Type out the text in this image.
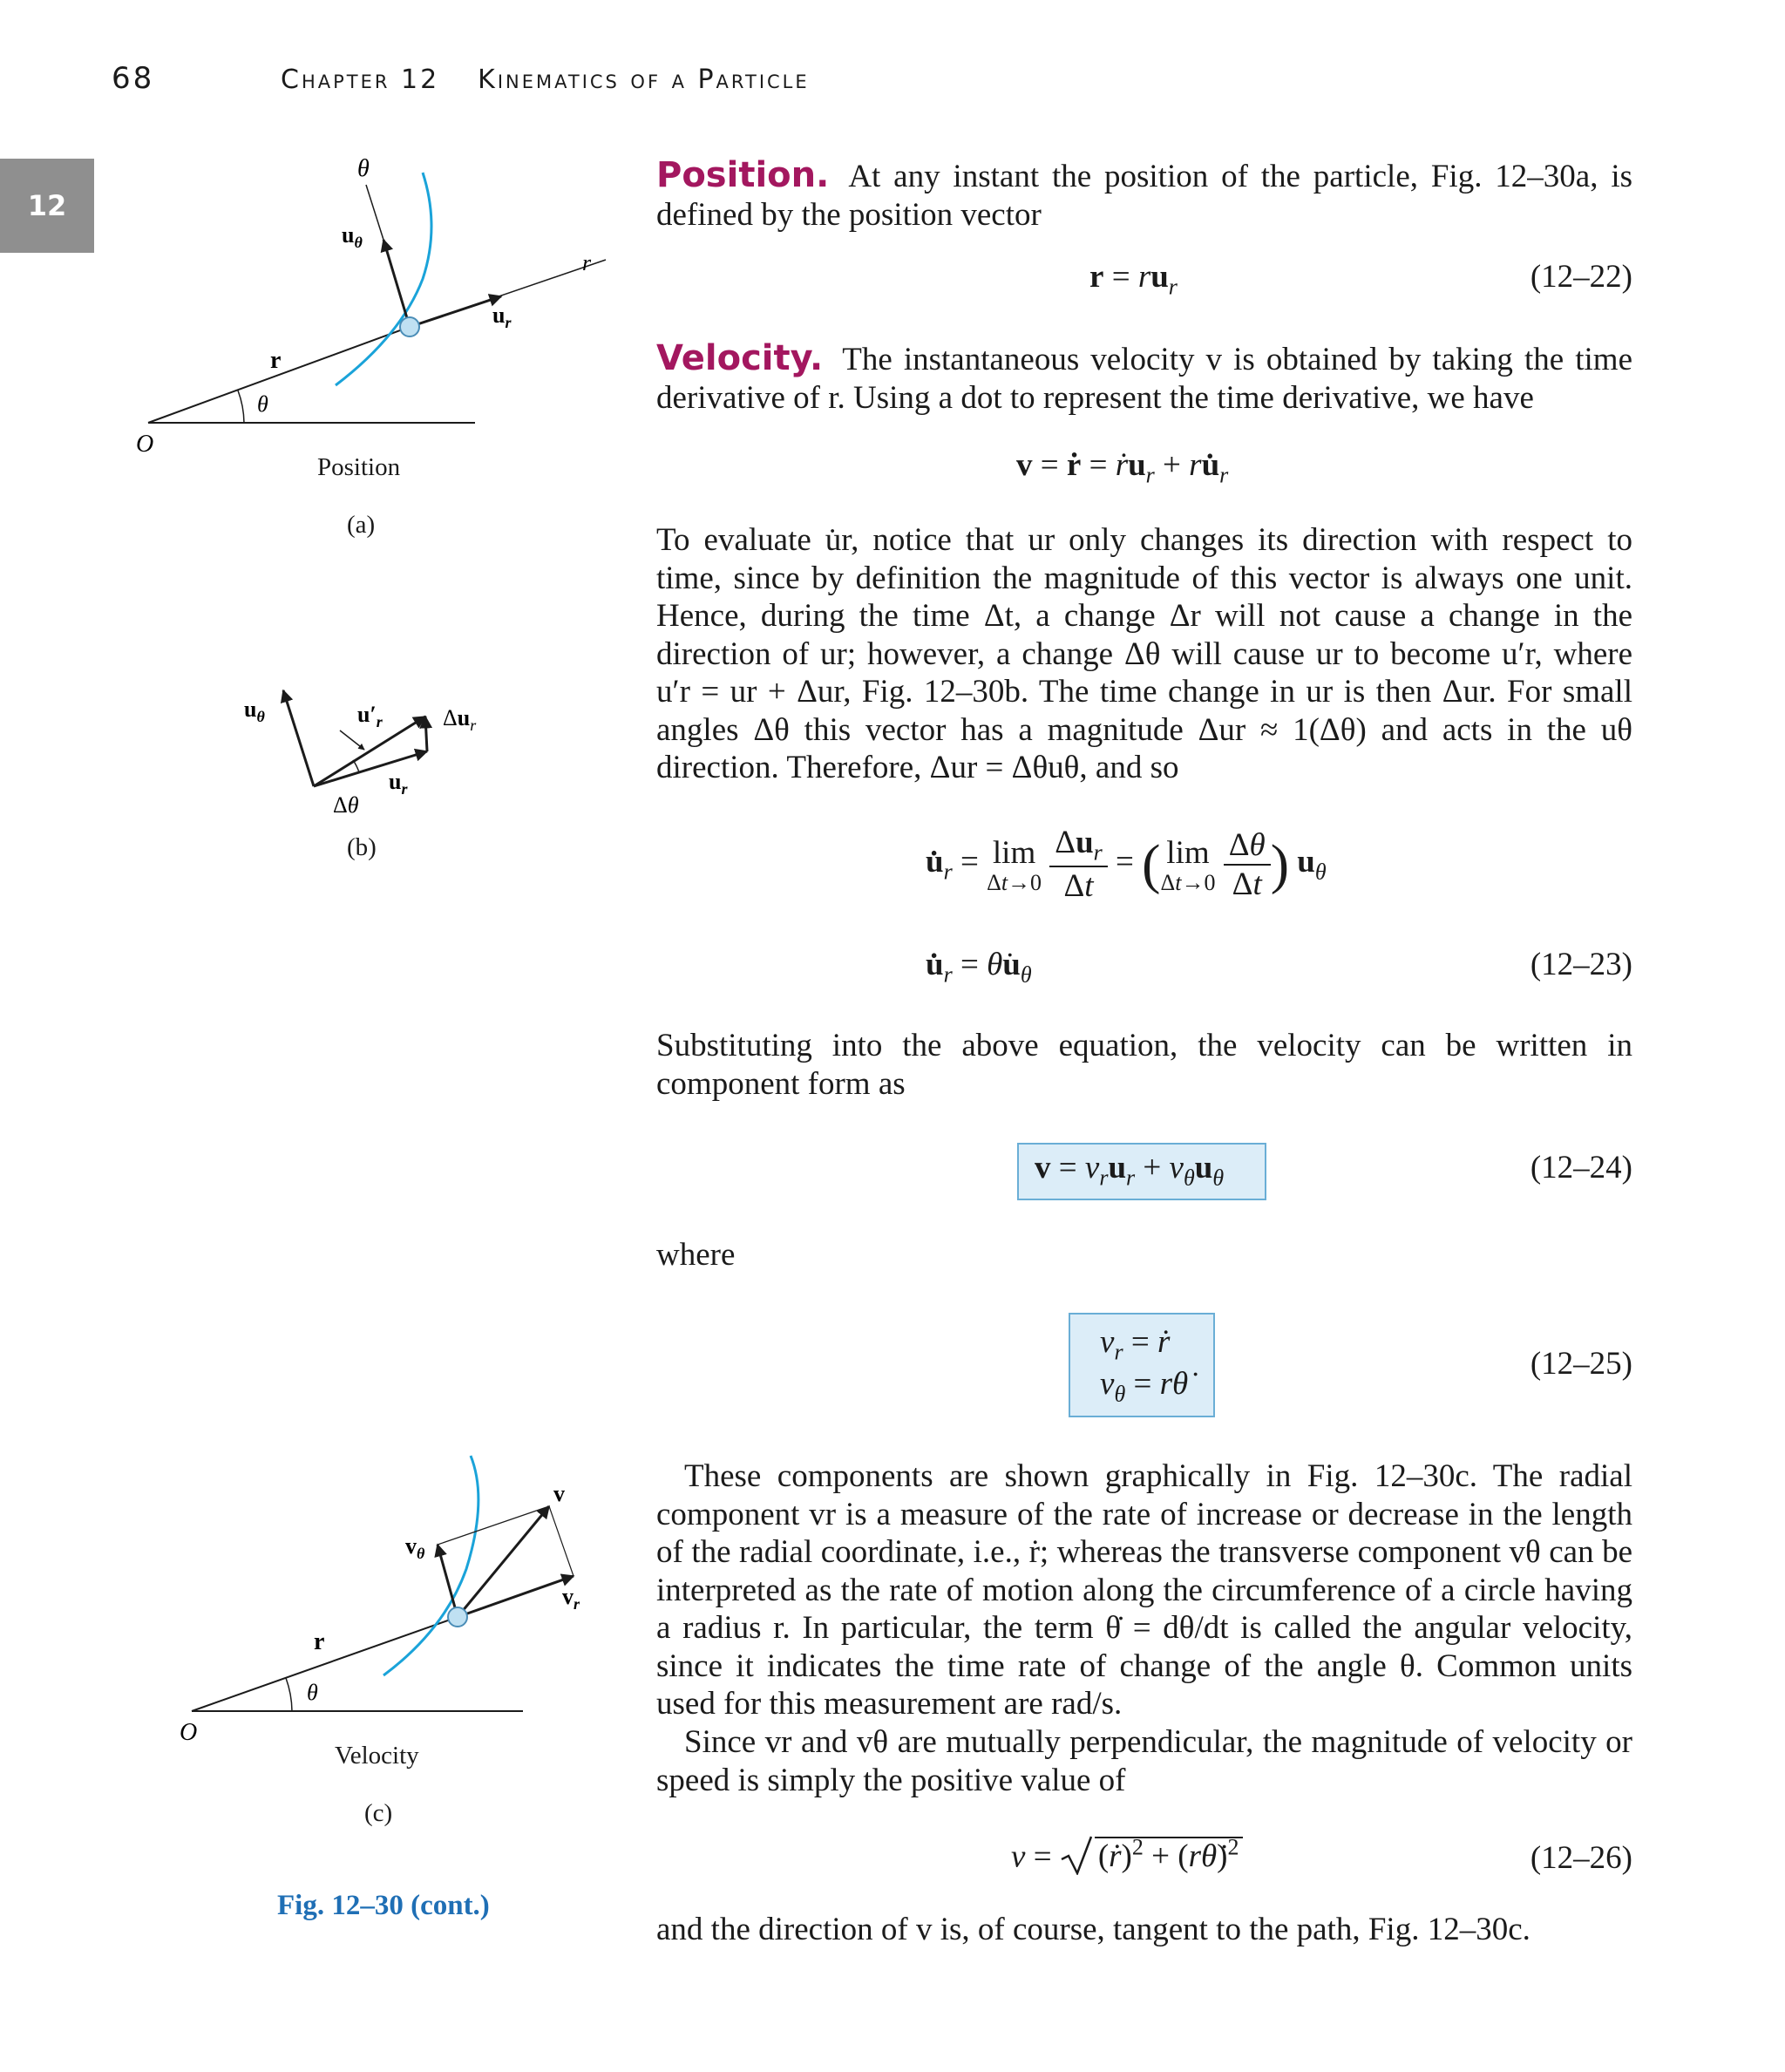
68	Chapter 12 Kinematics of a Particle
12
Position. At any instant the position of the particle, Fig. 12–30a, is defined by the position vector
$r = ru_r$	(12–22)
Velocity. The instantaneous velocity v is obtained by taking the time derivative of r. Using a dot to represent the time derivative, we have
v = ṙ = ṙu$_r$ + $ru̇_r$
To evaluate u̇r, notice that ur only changes its direction with respect to time, since by definition the magnitude of this vector is always one unit. Hence, during the time Δt, a change Δr will not cause a change in the direction of ur; however, a change Δθ will cause ur to become u′r, where u′r = ur + Δur, Fig. 12–30b. The time change in ur is then Δur. For small angles Δθ this vector has a magnitude Δur ≈ 1(Δθ) and acts in the uθ direction. Therefore, Δur = Δθuθ, and so
$u̇_r = \lim$
Δt→0
$\frac{\Delta u_r}{\Delta t}$ = ( lim
Δt→0
$\frac{\Delta\theta}{\Delta t}$ ) $u_\theta$
$u̇_r$ = $\thetȧu_\theta$	(12–23)
Substituting into the above equation, the velocity can be written in component form as
$v = v_ru_r + v_\theta u_\theta$	(12–24)
where
$v_r$ = ṙ
$v_\theta$ = rθ̇
(12–25)
These components are shown graphically in Fig. 12–30c. The radial component vr is a measure of the rate of increase or decrease in the length of the radial coordinate, i.e., ṙ; whereas the transverse component vθ can be interpreted as the rate of motion along the circumference of a circle having a radius r. In particular, the term θ̇ = dθ/dt is called the angular velocity, since it indicates the time rate of change of the angle θ. Common units used for this measurement are rad/s.
Since vr and vθ are mutually perpendicular, the magnitude of velocity or speed is simply the positive value of
v = (ṙ)$^2$ + (rθ̇)$^2$	(12–26)
and the direction of v is, of course, tangent to the path, Fig. 12–30c.
θ
$u_\theta$
r
$u_r$
r
θ
O
Position
(a)
$u_\theta$	$u'_r$	$\Delta u_r$
$u_r$
Δθ
(b)
v
$v_\theta$
$v_r$
r
θ
O
Velocity
(c)
Fig. 12–30 (cont.)
